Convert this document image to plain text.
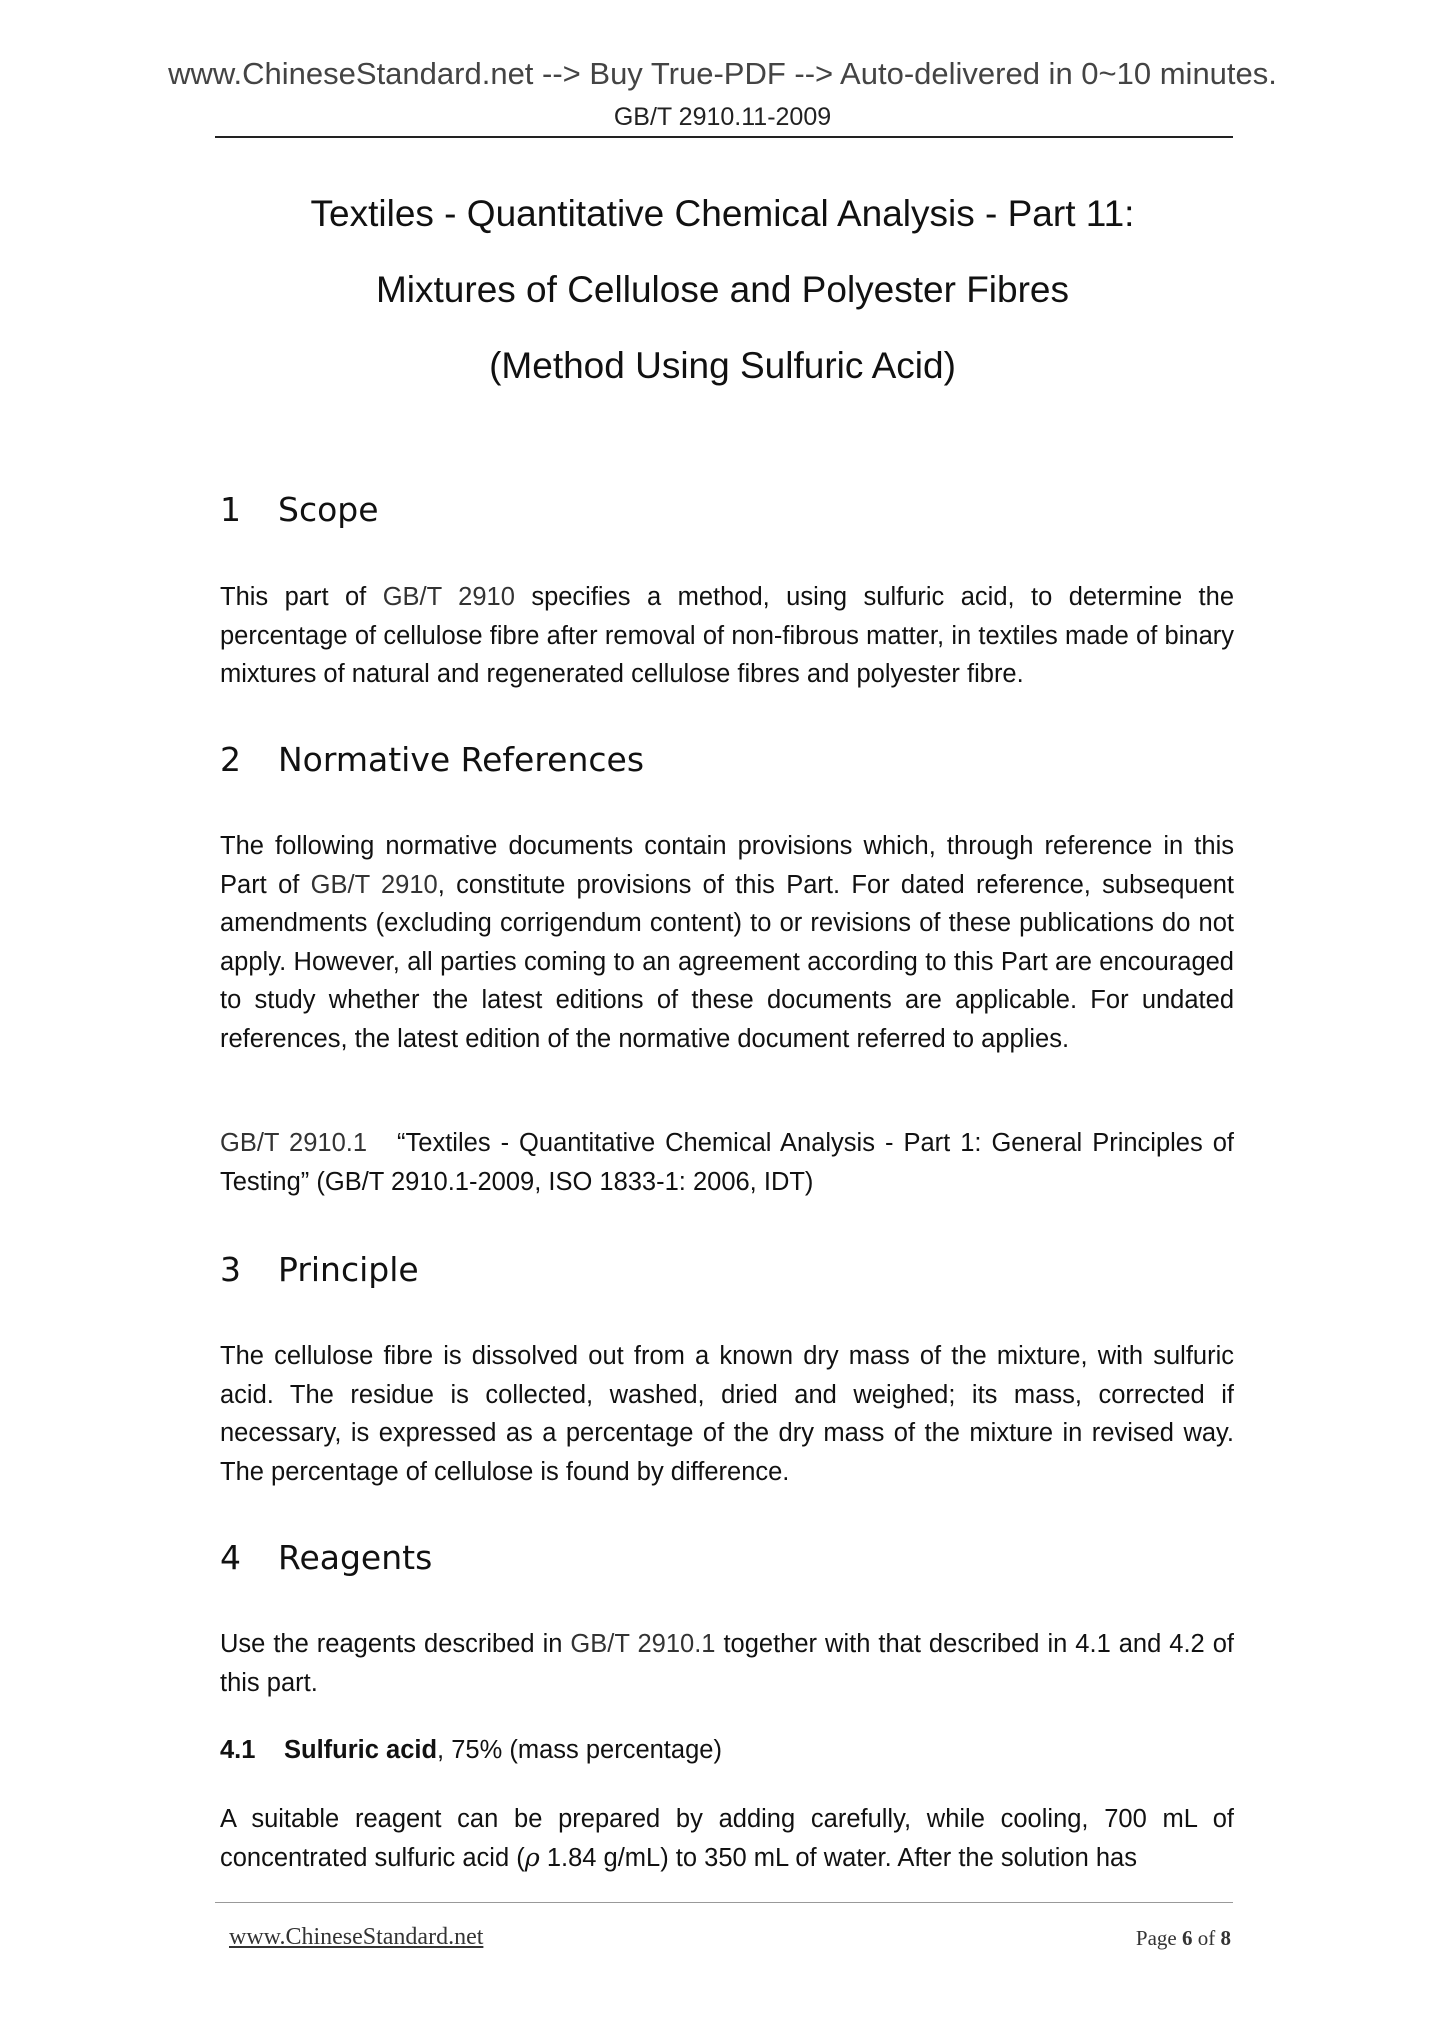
www.ChineseStandard.net --> Buy True-PDF --> Auto-delivered in 0~10 minutes.
GB/T 2910.11-2009
Textiles - Quantitative Chemical Analysis - Part 11:
Mixtures of Cellulose and Polyester Fibres
(Method Using Sulfuric Acid)
1 Scope

This part of GB/T 2910 specifies a method, using sulfuric acid, to determine the percentage of cellulose fibre after removal of non-fibrous matter, in textiles made of binary mixtures of natural and regenerated cellulose fibres and polyester fibre.

2 Normative References

The following normative documents contain provisions which, through reference in this Part of GB/T 2910, constitute provisions of this Part. For dated reference, subsequent amendments (excluding corrigendum content) to or revisions of these publications do not apply. However, all parties coming to an agreement according to this Part are encouraged to study whether the latest editions of these documents are applicable. For undated references, the latest edition of the normative document referred to applies.

GB/T 2910.1 “Textiles - Quantitative Chemical Analysis - Part 1: General Principles of Testing” (GB/T 2910.1-2009, ISO 1833-1: 2006, IDT)

3 Principle

The cellulose fibre is dissolved out from a known dry mass of the mixture, with sulfuric acid. The residue is collected, washed, dried and weighed; its mass, corrected if necessary, is expressed as a percentage of the dry mass of the mixture in revised way. The percentage of cellulose is found by difference.

4 Reagents

Use the reagents described in GB/T 2910.1 together with that described in 4.1 and 4.2 of this part.

4.1 Sulfuric acid, 75% (mass percentage)

A suitable reagent can be prepared by adding carefully, while cooling, 700 mL of concentrated sulfuric acid (ρ 1.84 g/mL) to 350 mL of water. After the solution has

www.ChineseStandard.net	Page 6 of 8
